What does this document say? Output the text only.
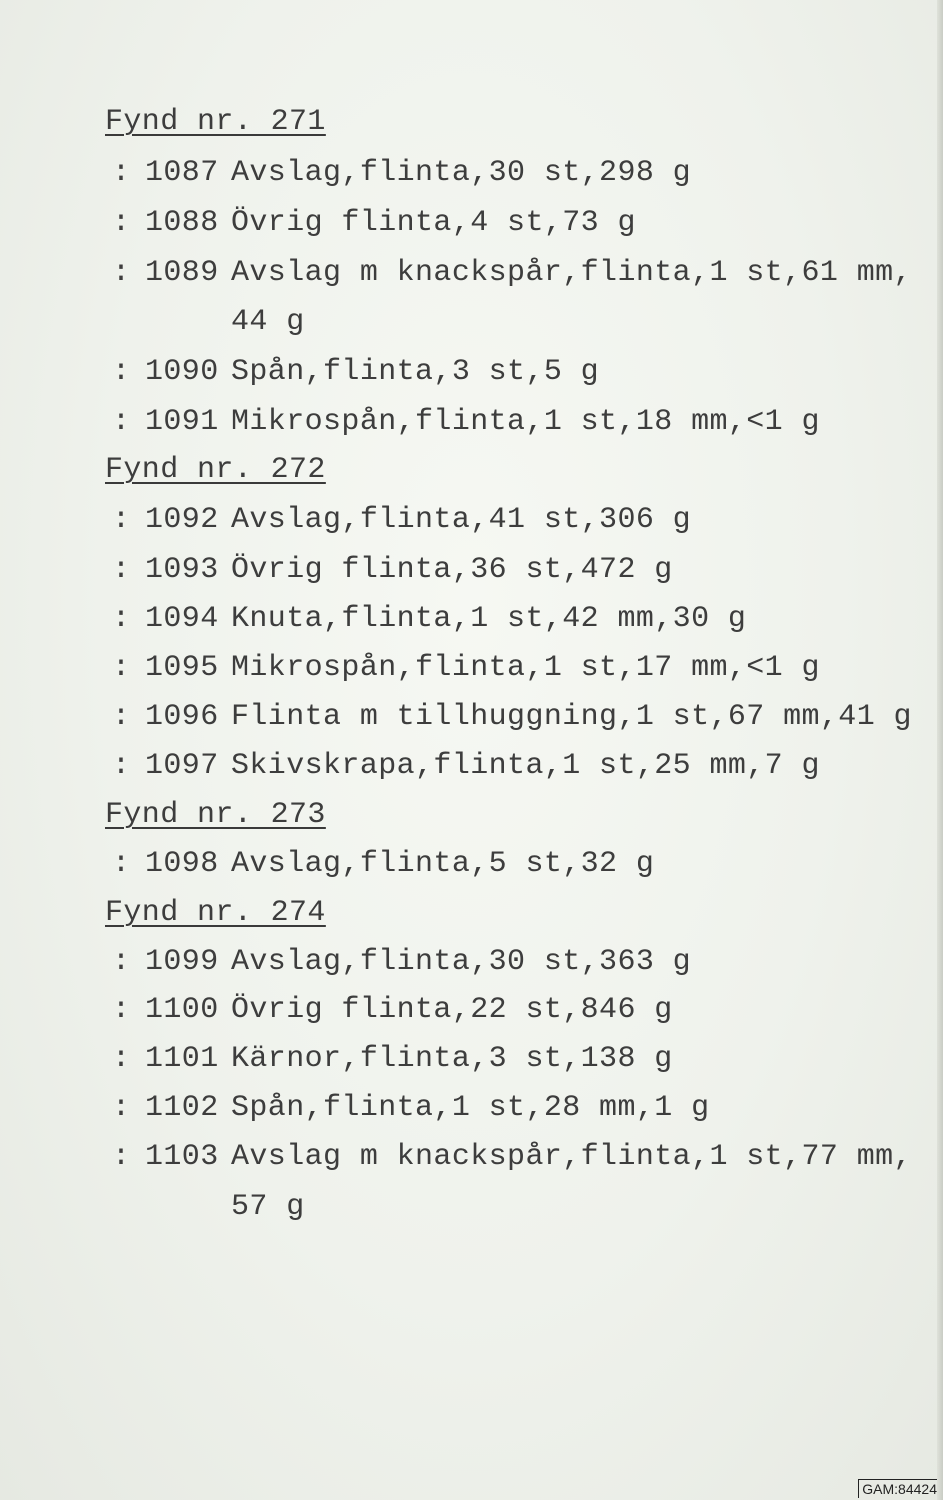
Fynd nr. 271
: 1087 Avslag,flinta,30 st,298 g
: 1088 Övrig flinta,4 st,73 g
: 1089 Avslag m knackspår,flinta,1 st,61 mm,
44 g
: 1090 Spån,flinta,3 st,5 g
: 1091 Mikrospån,flinta,1 st,18 mm,<1 g
Fynd nr. 272
: 1092 Avslag,flinta,41 st,306 g
: 1093 Övrig flinta,36 st,472 g
: 1094 Knuta,flinta,1 st,42 mm,30 g
: 1095 Mikrospån,flinta,1 st,17 mm,<1 g
: 1096 Flinta m tillhuggning,1 st,67 mm,41 g
: 1097 Skivskrapa,flinta,1 st,25 mm,7 g
Fynd nr. 273
: 1098 Avslag,flinta,5 st,32 g
Fynd nr. 274
: 1099 Avslag,flinta,30 st,363 g
: 1100 Övrig flinta,22 st,846 g
: 1101 Kärnor,flinta,3 st,138 g
: 1102 Spån,flinta,1 st,28 mm,1 g
: 1103 Avslag m knackspår,flinta,1 st,77 mm,
57 g
GAM:84424
